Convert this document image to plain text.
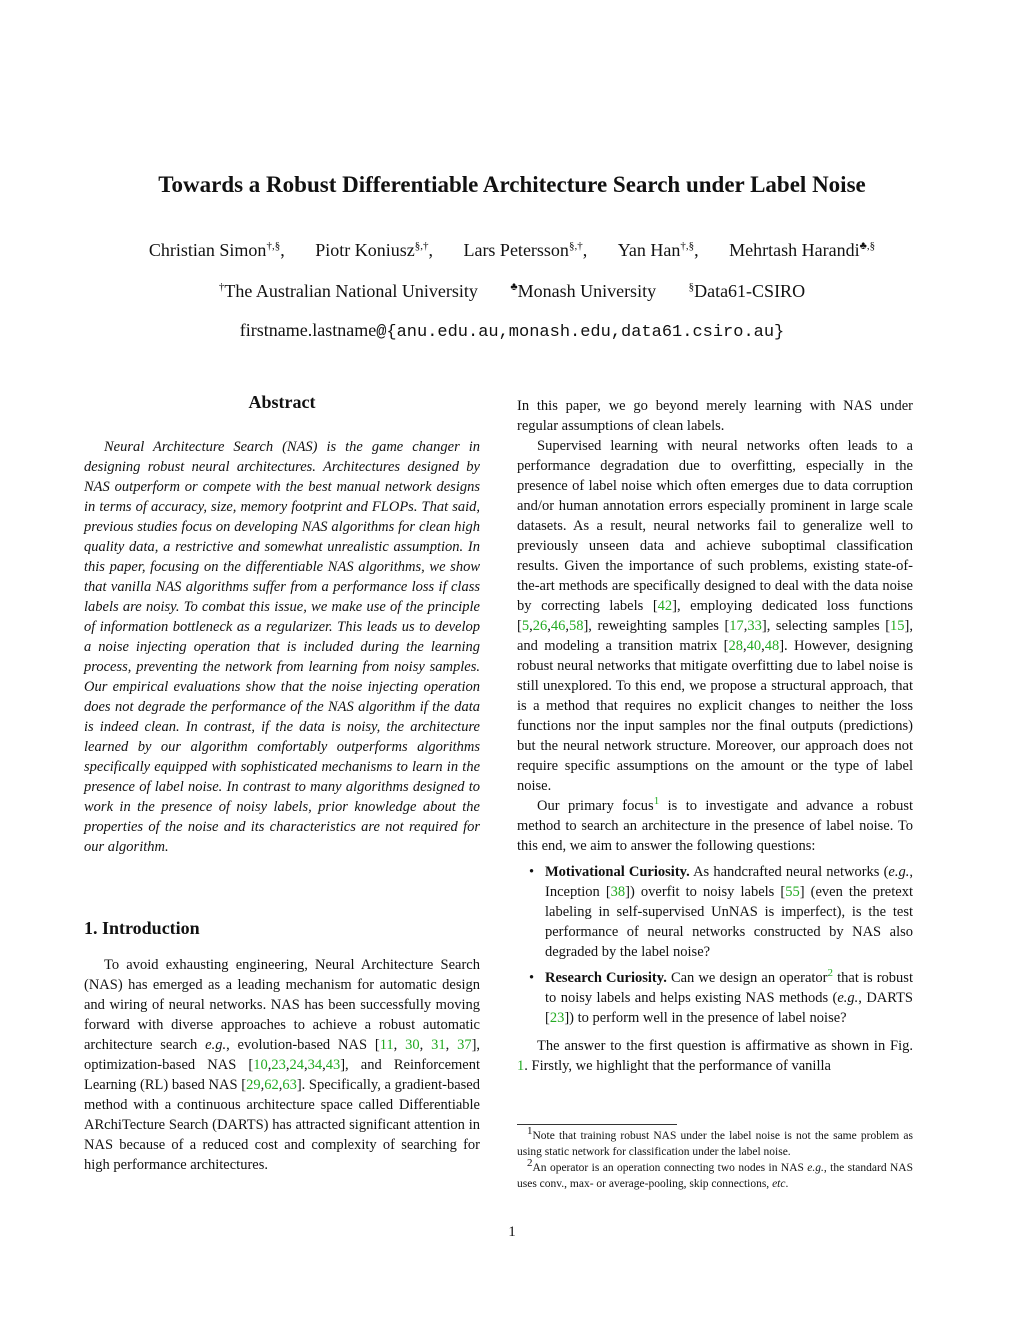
Towards a Robust Differentiable Architecture Search under Label Noise
Christian Simon†,§, Piotr Koniusz§,†, Lars Petersson§,†, Yan Han†,§, Mehrtash Harandi♣,§
†The Australian National University	♣Monash University	§Data61-CSIRO
firstname.lastname@{anu.edu.au,monash.edu,data61.csiro.au}
Abstract
Neural Architecture Search (NAS) is the game changer in designing robust neural architectures. Architectures designed by NAS outperform or compete with the best manual network designs in terms of accuracy, size, memory footprint and FLOPs. That said, previous studies focus on developing NAS algorithms for clean high quality data, a restrictive and somewhat unrealistic assumption. In this paper, focusing on the differentiable NAS algorithms, we show that vanilla NAS algorithms suffer from a performance loss if class labels are noisy. To combat this issue, we make use of the principle of information bottleneck as a regularizer. This leads us to develop a noise injecting operation that is included during the learning process, preventing the network from learning from noisy samples. Our empirical evaluations show that the noise injecting operation does not degrade the performance of the NAS algorithm if the data is indeed clean. In contrast, if the data is noisy, the architecture learned by our algorithm comfortably outperforms algorithms specifically equipped with sophisticated mechanisms to learn in the presence of label noise. In contrast to many algorithms designed to work in the presence of noisy labels, prior knowledge about the properties of the noise and its characteristics are not required for our algorithm.
1. Introduction

To avoid exhausting engineering, Neural Architecture Search (NAS) has emerged as a leading mechanism for automatic design and wiring of neural networks. NAS has been successfully moving forward with diverse approaches to achieve a robust automatic architecture search e.g., evolution-based NAS [11, 30, 31, 37], optimization-based NAS [10,23,24,34,43], and Reinforcement Learning (RL) based NAS [29,62,63]. Specifically, a gradient-based method with a continuous architecture space called Differentiable ARchiTecture Search (DARTS) has attracted significant attention in NAS because of a reduced cost and complexity of searching for high performance architectures.

In this paper, we go beyond merely learning with NAS under regular assumptions of clean labels.

Supervised learning with neural networks often leads to a performance degradation due to overfitting, especially in the presence of label noise which often emerges due to data corruption and/or human annotation errors especially prominent in large scale datasets. As a result, neural networks fail to generalize well to previously unseen data and achieve suboptimal classification results. Given the importance of such problems, existing state-of-the-art methods are specifically designed to deal with the data noise by correcting labels [42], employing dedicated loss functions [5,26,46,58], reweighting samples [17,33], selecting samples [15], and modeling a transition matrix [28,40,48]. However, designing robust neural networks that mitigate overfitting due to label noise is still unexplored. To this end, we propose a structural approach, that is a method that requires no explicit changes to neither the loss functions nor the input samples nor the final outputs (predictions) but the neural network structure. Moreover, our approach does not require specific assumptions on the amount or the type of label noise.

Our primary focus$^1$ is to investigate and advance a robust method to search an architecture in the presence of label noise. To this end, we aim to answer the following questions:

• Motivational Curiosity. As handcrafted neural networks (e.g., Inception [38]) overfit to noisy labels [55] (even the pretext labeling in self-supervised UnNAS is imperfect), is the test performance of neural networks constructed by NAS also degraded by the label noise?
• Research Curiosity. Can we design an operator$^2$ that is robust to noisy labels and helps existing NAS methods (e.g., DARTS [23]) to perform well in the presence of label noise?

The answer to the first question is affirmative as shown in Fig. 1. Firstly, we highlight that the performance of vanilla

$^1$Note that training robust NAS under the label noise is not the same problem as using static network for classification under the label noise.

$^2$An operator is an operation connecting two nodes in NAS e.g., the standard NAS uses conv., max- or average-pooling, skip connections, etc.

1
